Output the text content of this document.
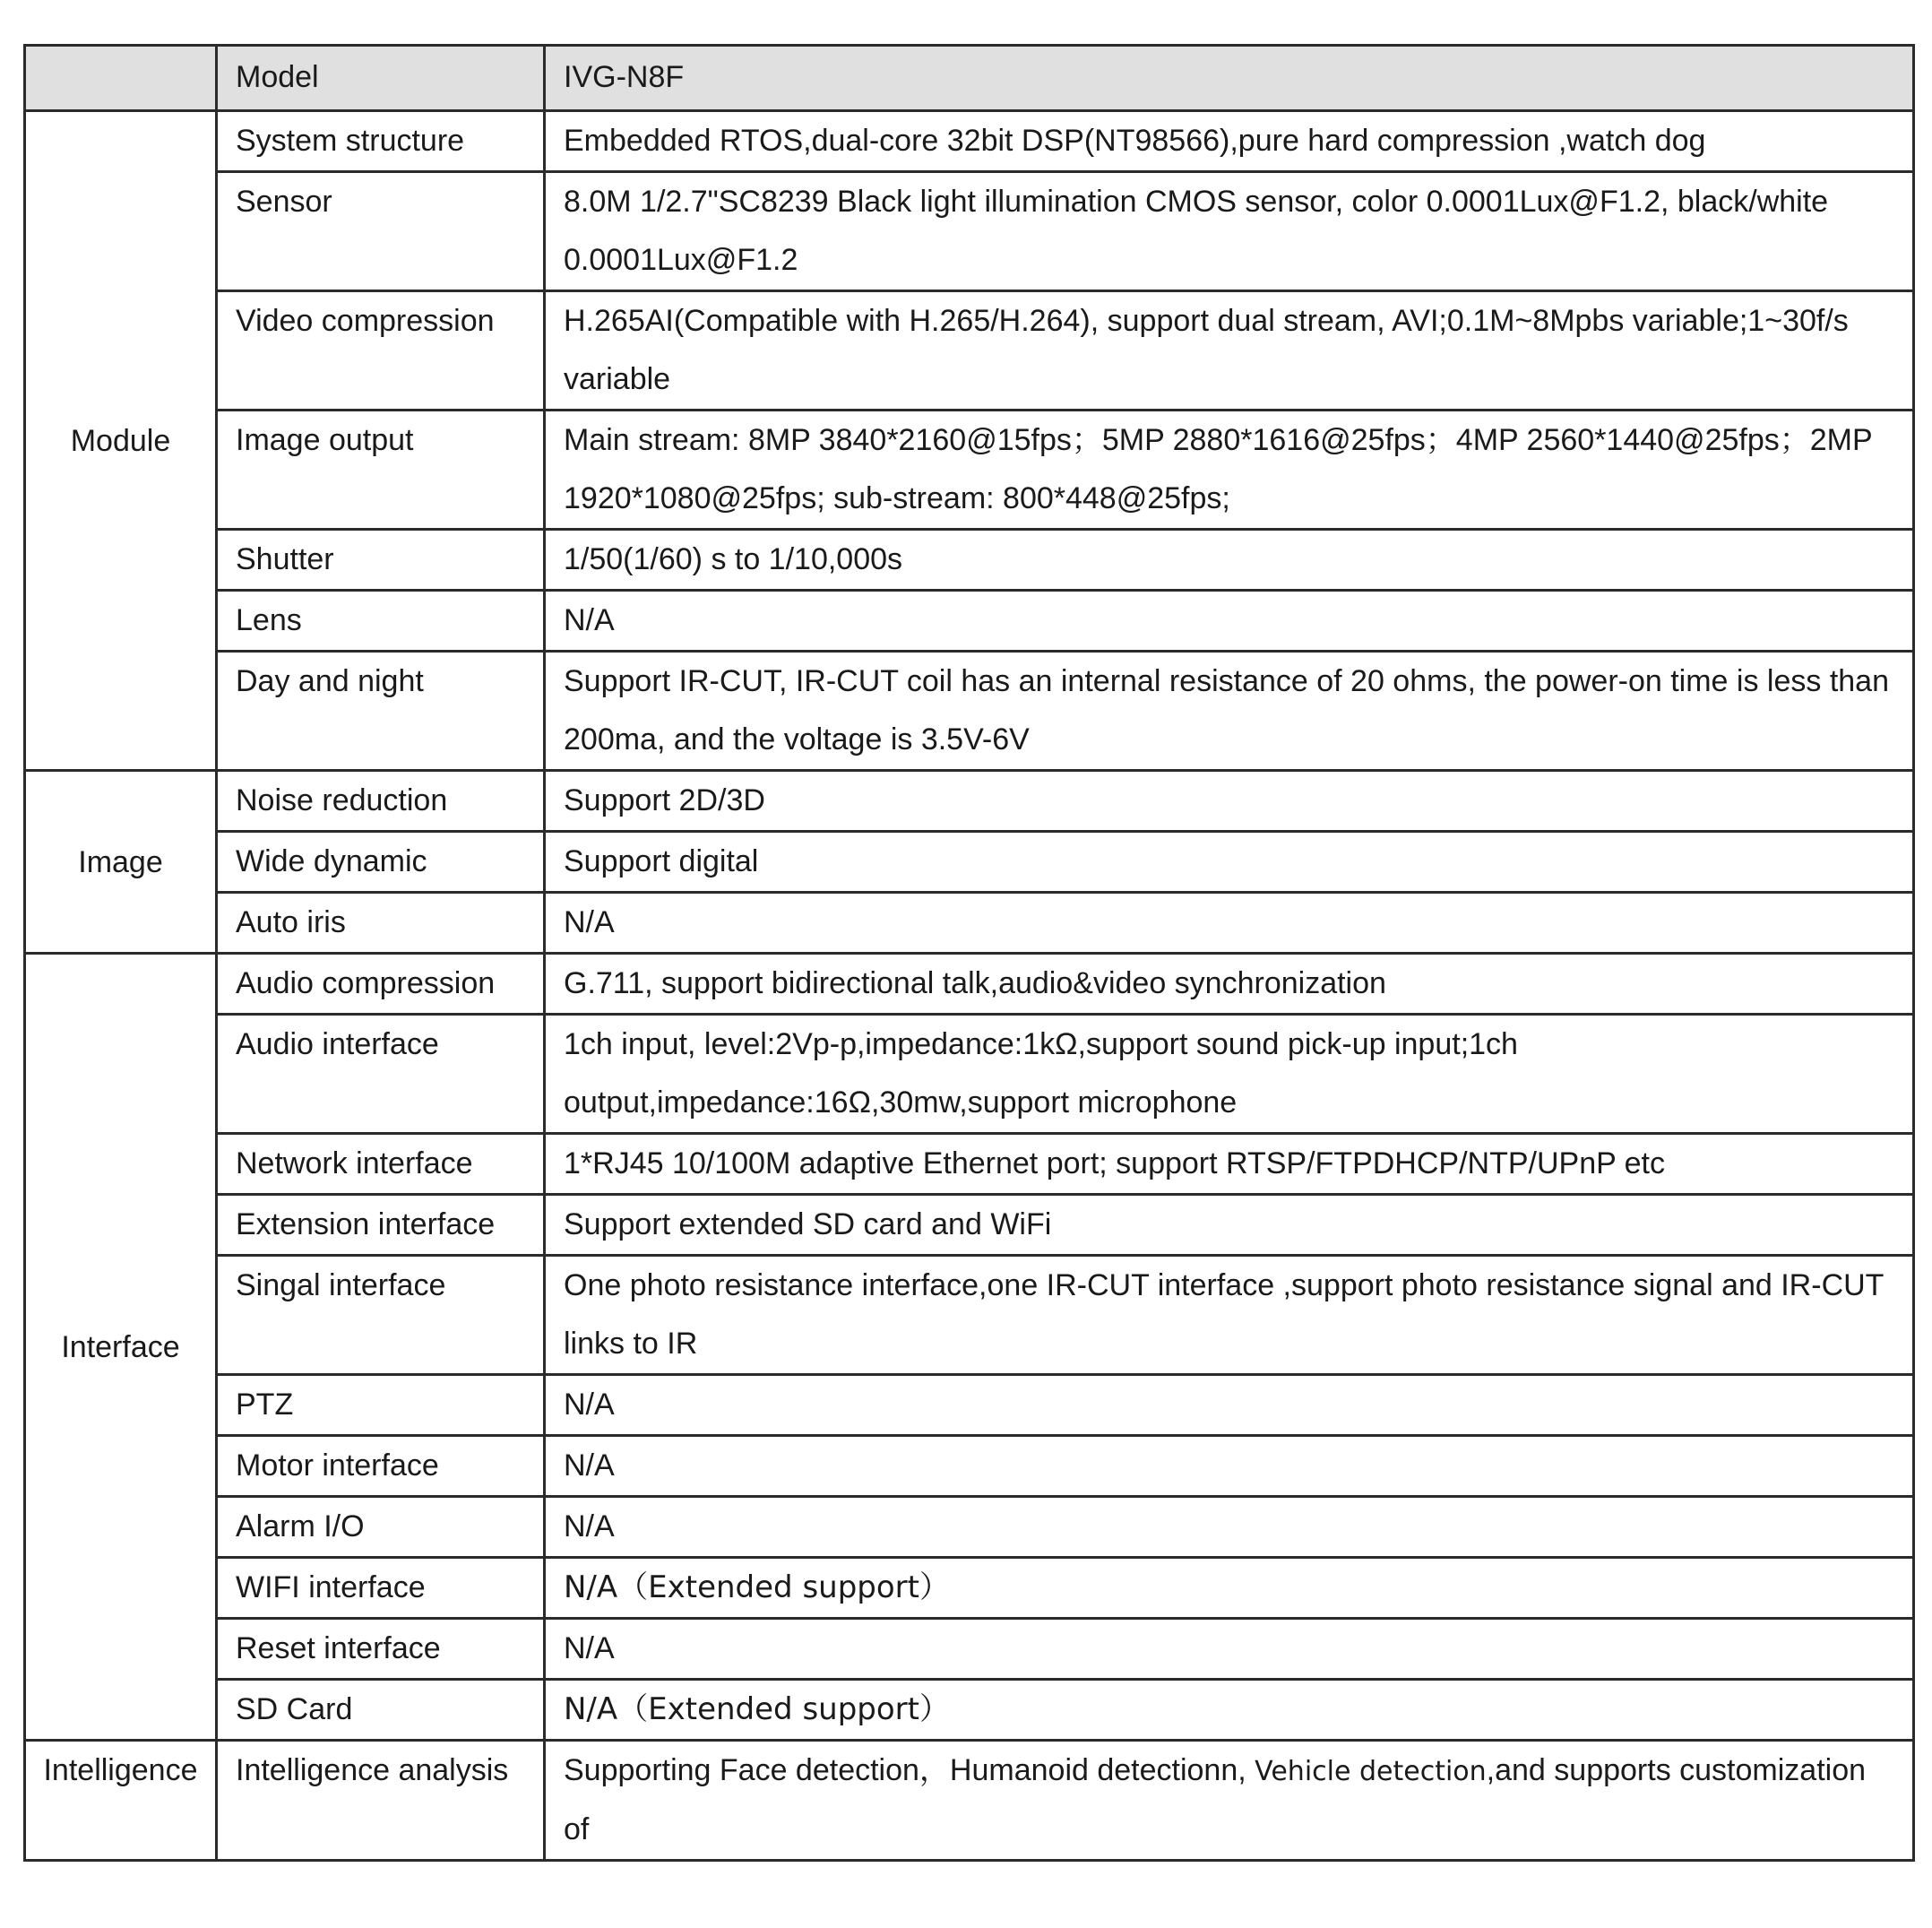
	Model	IVG-N8F
Module	System structure	Embedded RTOS,dual-core 32bit DSP(NT98566),pure hard compression ,watch dog
	Sensor	8.0M 1/2.7"SC8239 Black light illumination CMOS sensor, color 0.0001Lux@F1.2, black/white 0.0001Lux@F1.2
	Video compression	H.265AI(Compatible with H.265/H.264), support dual stream, AVI;0.1M~8Mpbs variable;1~30f/s variable
	Image output	Main stream: 8MP 3840*2160@15fps；5MP 2880*1616@25fps；4MP 2560*1440@25fps；2MP 1920*1080@25fps; sub-stream: 800*448@25fps;
	Shutter	1/50(1/60) s to 1/10,000s
	Lens	N/A
	Day and night	Support IR-CUT, IR-CUT coil has an internal resistance of 20 ohms, the power-on time is less than 200ma, and the voltage is 3.5V-6V
Image	Noise reduction	Support 2D/3D
	Wide dynamic	Support digital
	Auto iris	N/A
Interface	Audio compression	G.711, support bidirectional talk,audio&video synchronization
	Audio interface	1ch input, level:2Vp-p,impedance:1kΩ,support sound pick-up input;1ch output,impedance:16Ω,30mw,support microphone
	Network interface	1*RJ45 10/100M adaptive Ethernet port; support RTSP/FTPDHCP/NTP/UPnP etc
	Extension interface	Support extended SD card and WiFi
	Singal interface	One photo resistance interface,one IR-CUT interface ,support photo resistance signal and IR-CUT links to IR
	PTZ	N/A
	Motor interface	N/A
	Alarm I/O	N/A
	WIFI interface	N/A（Extended support）
	Reset interface	N/A
	SD Card	N/A（Extended support）
Intelligence	Intelligence analysis	Supporting Face detection，Humanoid detectionn, Vehicle detection,and supports customization of
